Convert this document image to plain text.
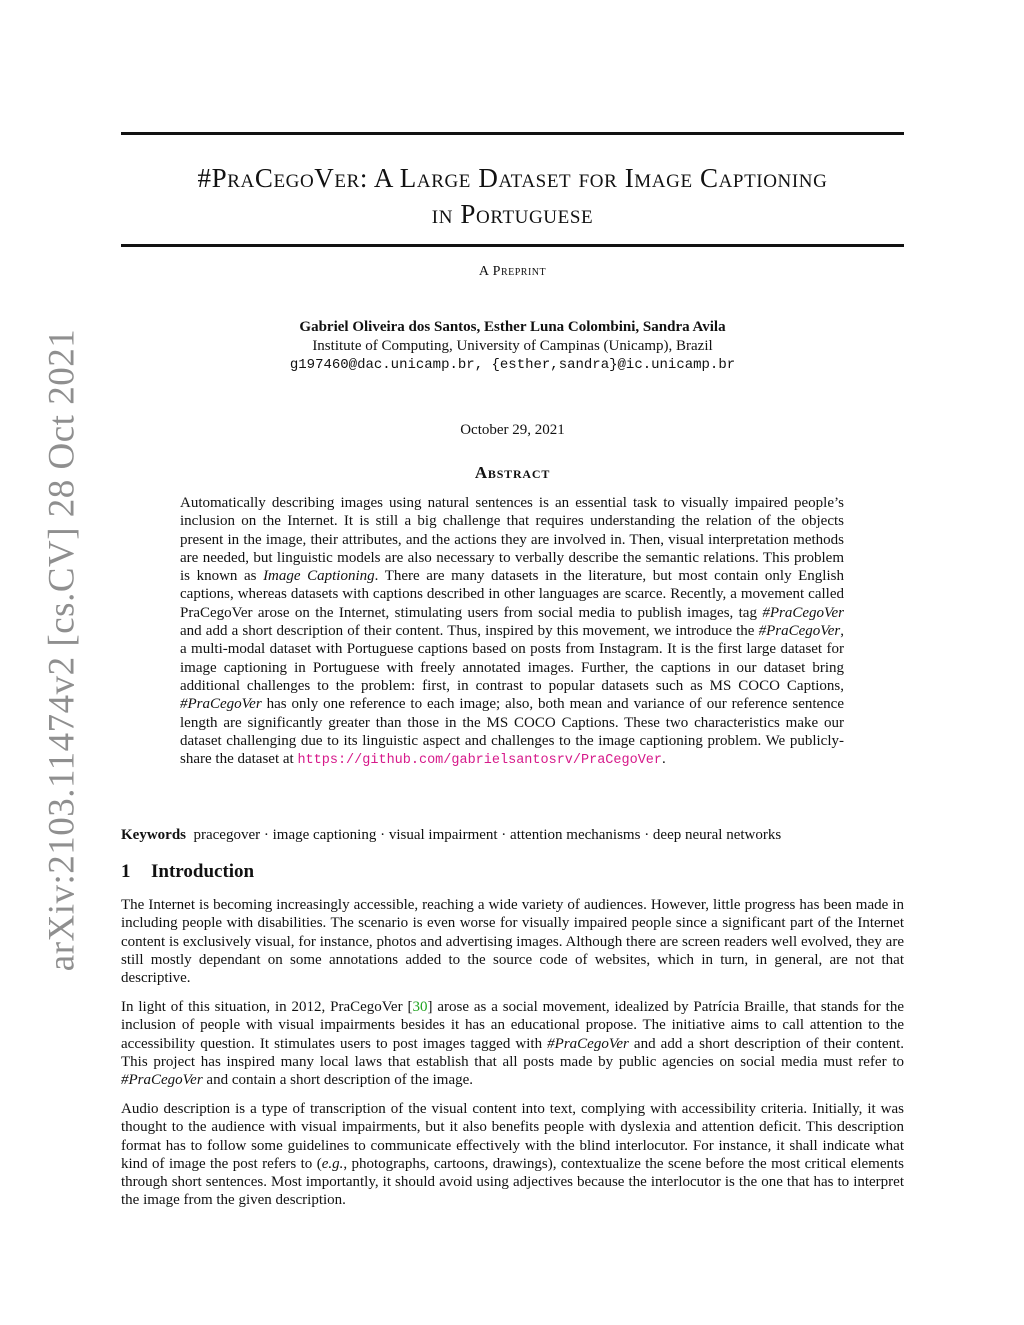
arXiv:2103.11474v2 [cs.CV] 28 Oct 2021
#PraCegoVer: A Large Dataset for Image Captioning
in Portuguese
A Preprint
Gabriel Oliveira dos Santos, Esther Luna Colombini, Sandra Avila
Institute of Computing, University of Campinas (Unicamp), Brazil
g197460@dac.unicamp.br, {esther,sandra}@ic.unicamp.br
October 29, 2021
Abstract

Automatically describing images using natural sentences is an essential task to visually impaired people’s inclusion on the Internet. It is still a big challenge that requires understanding the relation of the objects present in the image, their attributes, and the actions they are involved in. Then, visual interpretation methods are needed, but linguistic models are also necessary to verbally describe the semantic relations. This problem is known as Image Captioning. There are many datasets in the literature, but most contain only English captions, whereas datasets with captions described in other languages are scarce. Recently, a movement called PraCegoVer arose on the Internet, stimulating users from social media to publish images, tag #PraCegoVer and add a short description of their content. Thus, inspired by this movement, we introduce the #PraCegoVer, a multi-modal dataset with Portuguese captions based on posts from Instagram. It is the first large dataset for image captioning in Portuguese with freely annotated images. Further, the captions in our dataset bring additional challenges to the problem: first, in contrast to popular datasets such as MS COCO Captions, #PraCegoVer has only one reference to each image; also, both mean and variance of our reference sentence length are significantly greater than those in the MS COCO Captions. These two characteristics make our dataset challenging due to its linguistic aspect and challenges to the image captioning problem. We publicly-share the dataset at https://github.com/gabrielsantosrv/PraCegoVer.

Keywords pracegover · image captioning · visual impairment · attention mechanisms · deep neural networks
1 Introduction

The Internet is becoming increasingly accessible, reaching a wide variety of audiences. However, little progress has been made in including people with disabilities. The scenario is even worse for visually impaired people since a significant part of the Internet content is exclusively visual, for instance, photos and advertising images. Although there are screen readers well evolved, they are still mostly dependant on some annotations added to the source code of websites, which in turn, in general, are not that descriptive.

In light of this situation, in 2012, PraCegoVer [30] arose as a social movement, idealized by Patrícia Braille, that stands for the inclusion of people with visual impairments besides it has an educational propose. The initiative aims to call attention to the accessibility question. It stimulates users to post images tagged with #PraCegoVer and add a short description of their content. This project has inspired many local laws that establish that all posts made by public agencies on social media must refer to #PraCegoVer and contain a short description of the image.

Audio description is a type of transcription of the visual content into text, complying with accessibility criteria. Initially, it was thought to the audience with visual impairments, but it also benefits people with dyslexia and attention deficit. This description format has to follow some guidelines to communicate effectively with the blind interlocutor. For instance, it shall indicate what kind of image the post refers to (e.g., photographs, cartoons, drawings), contextualize the scene before the most critical elements through short sentences. Most importantly, it should avoid using adjectives because the interlocutor is the one that has to interpret the image from the given description.
